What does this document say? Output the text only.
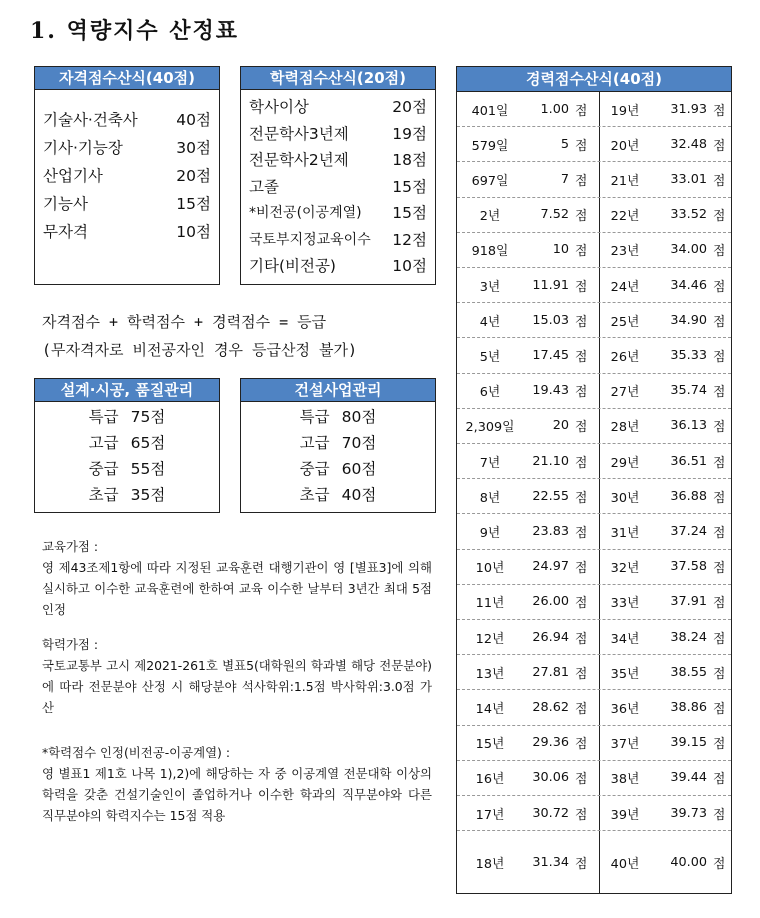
1. 역량지수 산정표
자격점수산식(40점)
기술사·건축사 40점
기사·기능장	30점
산업기사	20점
기능사	15점
무자격	10점
학력점수산식(20점)
학사이상	20점
전문학사3년제	19점
전문학사2년제	18점
고졸	15점
*비전공(이공계열) 15점
국토부지정교육이수 12점
기타(비전공)	10점
자격점수 + 학력점수 + 경력점수 = 등급
(무자격자로 비전공자인 경우 등급산정 불가)
설계·시공, 품질관리
특급 75점
고급 65점
중급 55점
초급 35점
건설사업관리
특급 80점
고급 70점
중급 60점
초급 40점

교육가점 :

영 제43조제1항에 따라 지정된 교육훈련 대행기관이 영 [별표3]에 의해 실시하고 이수한 교육훈련에 한하여 교육 이수한 날부터 3년간 최대 5점 인정

학력가점 :

국토교통부 고시 제2021-261호 별표5(대학원의 학과별 해당 전문분야)에 따라 전문분야 산정 시 해당분야 석사학위:1.5점 박사학위:3.0점 가산

*학력점수 인정(비전공-이공계열) :

영 별표1 제1호 나목 1),2)에 해당하는 자 중 이공계열 전문대학 이상의 학력을 갖춘 건설기술인이 졸업하거나 이수한 학과의 직무분야와 다른 직무분야의 학력지수는 15점 적용

경력점수산식(40점)
401일	1.00 점	19년	31.93 점
579일	5 점	20년	32.48 점
697일	7 점	21년	33.01 점
2년	7.52 점	22년	33.52 점
918일	10 점	23년	34.00 점
3년	11.91 점	24년	34.46 점
4년	15.03 점	25년	34.90 점
5년	17.45 점	26년	35.33 점
6년	19.43 점	27년	35.74 점
2,309일	20 점	28년	36.13 점
7년	21.10 점	29년	36.51 점
8년	22.55 점	30년	36.88 점
9년	23.83 점	31년	37.24 점
10년	24.97 점	32년	37.58 점
11년	26.00 점	33년	37.91 점
12년	26.94 점	34년	38.24 점
13년	27.81 점	35년	38.55 점
14년	28.62 점	36년	38.86 점
15년	29.36 점	37년	39.15 점
16년	30.06 점	38년	39.44 점
17년	30.72 점	39년	39.73 점
18년	31.34 점	40년	40.00 점
